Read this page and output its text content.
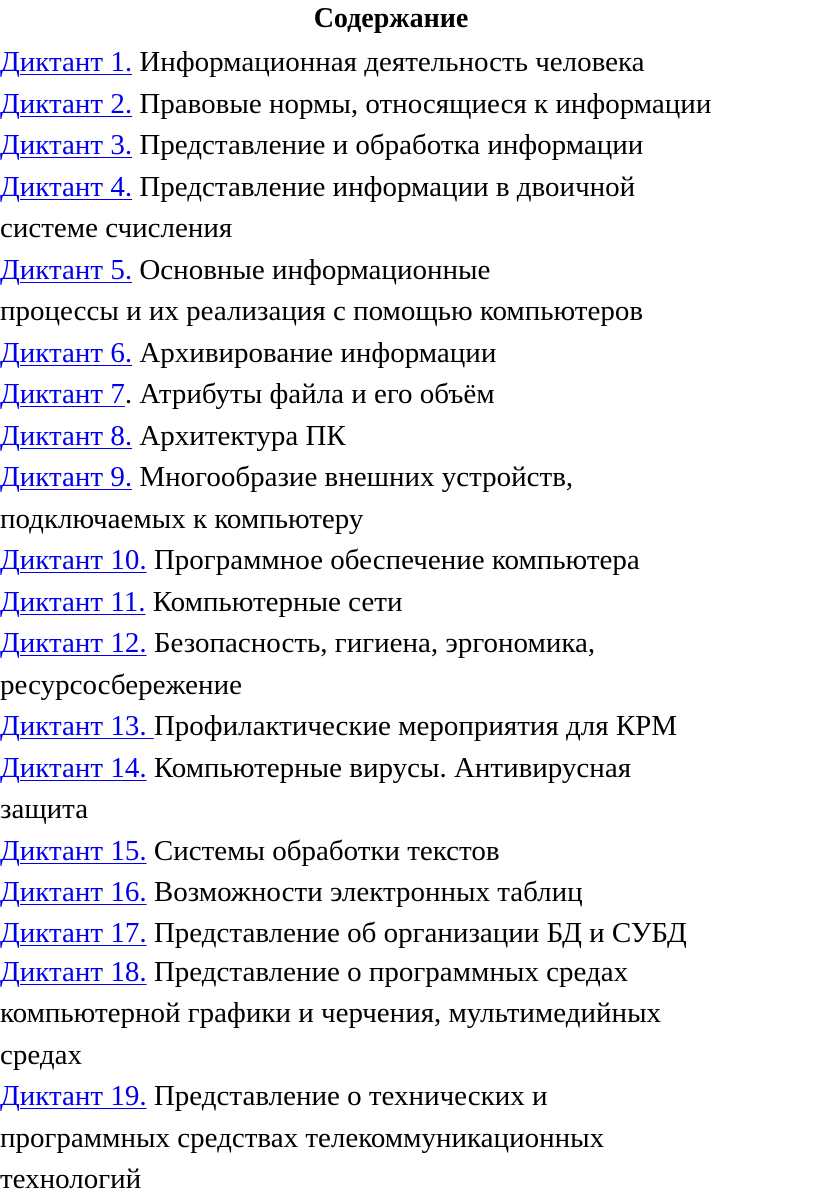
Содержание
Диктант 1. Информационная деятельность человека
Диктант 2. Правовые нормы, относящиеся к информации
Диктант 3. Представление и обработка информации
Диктант 4. Представление информации в двоичной
системе счисления
Диктант 5. Основные информационные
процессы и их реализация с помощью компьютеров
Диктант 6. Архивирование информации
Диктант 7. Атрибуты файла и его объём
Диктант 8. Архитектура ПК
Диктант 9. Многообразие внешних устройств,
подключаемых к компьютеру
Диктант 10. Программное обеспечение компьютера
Диктант 11. Компьютерные сети
Диктант 12. Безопасность, гигиена, эргономика,
ресурсосбережение
Диктант 13. Профилактические мероприятия для КРМ
Диктант 14. Компьютерные вирусы. Антивирусная
защита
Диктант 15. Системы обработки текстов
Диктант 16. Возможности электронных таблиц
Диктант 17. Представление об организации БД и СУБД
Диктант 18. Представление о программных средах
компьютерной графики и черчения, мультимедийных
средах
Диктант 19. Представление о технических и
программных средствах телекоммуникационных
технологий
